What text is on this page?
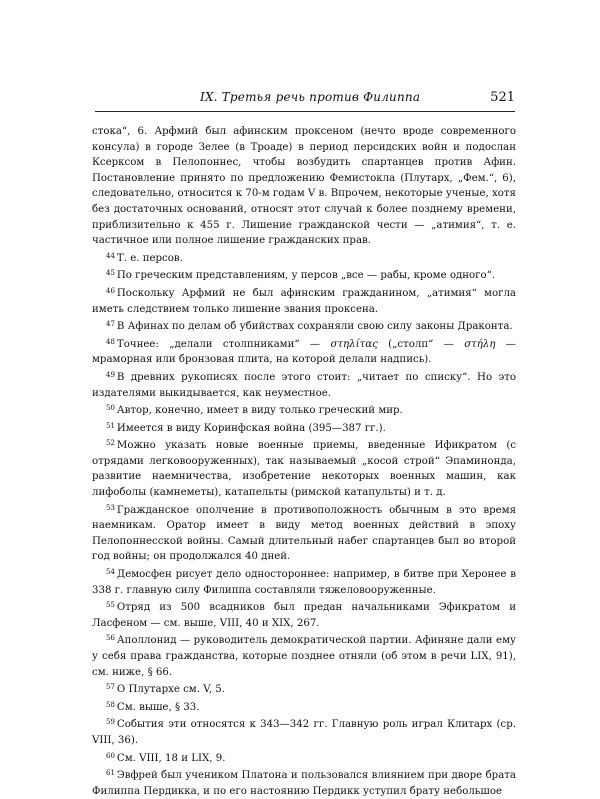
IX. Третья речь против Филиппа	521

стока“, 6. Арфмий был афинским проксеном (нечто вроде современного консула) в городе Зелее (в Троаде) в период персидских войн и подослан Ксерксом в Пелопоннес, чтобы возбудить спартанцев против Афин. Постановление принято по предложению Фемистокла (Плутарх, „Фем.“, 6), следовательно, относится к 70-м годам V в. Впрочем, некоторые ученые, хотя без достаточных оснований, относят этот случай к более позднему времени, приблизительно к 455 г. Лишение гражданской чести — „атимия“, т. е. частичное или полное лишение гражданских прав.

$^{44}$ Т. е. персов.

$^{45}$ По греческим представлениям, у персов „все — рабы, кроме одного“.

$^{46}$ Поскольку Арфмий не был афинским гражданином, „атимия“ могла иметь следствием только лишение звания проксена.

$^{47}$ В Афинах по делам об убийствах сохраняли свою силу законы Драконта.

$^{48}$ Точнее: „делали столпниками“ — στηλίτας („столп“ — στήλη — мраморная или бронзовая плита, на которой делали надпись).

$^{49}$ В древних рукописях после этого стоит: „читает по списку“. Но это издателями выкидывается, как неуместное.

$^{50}$ Автор, конечно, имеет в виду только греческий мир.

$^{51}$ Имеется в виду Коринфская война (395—387 гг.).

$^{52}$ Можно указать новые военные приемы, введенные Ификратом (с отрядами легковооруженных), так называемый „косой строй“ Эпаминонда, развитие наемничества, изобретение некоторых военных машин, как лифоболы (камнеметы), катапельты (римской катапульты) и т. д.

$^{53}$ Гражданское ополчение в противоположность обычным в это время наемникам. Оратор имеет в виду метод военных действий в эпоху Пелопоннесской войны. Самый длительный набег спартанцев был во второй год войны; он продолжался 40 дней.

$^{54}$ Демосфен рисует дело одностороннее: например, в битве при Херонее в 338 г. главную силу Филиппа составляли тяжеловооруженные.

$^{55}$ Отряд из 500 всадников был предан начальниками Эфикратом и Ласфеном — см. выше, VIII, 40 и XIX, 267.

$^{56}$ Аполлонид — руководитель демократической партии. Афиняне дали ему у себя права гражданства, которые позднее отняли (об этом в речи LIX, 91), см. ниже, § 66.

$^{57}$ О Плутархе см. V, 5.

$^{58}$ См. выше, § 33.

$^{59}$ События эти относятся к 343—342 гг. Главную роль играл Клитарх (ср. VIII, 36).

$^{60}$ См. VIII, 18 и LIX, 9.

$^{61}$ Эвфрей был учеником Платона и пользовался влиянием при дворе брата Филиппа Пердикка, и по его настоянию Пердикк уступил брату небольшое
